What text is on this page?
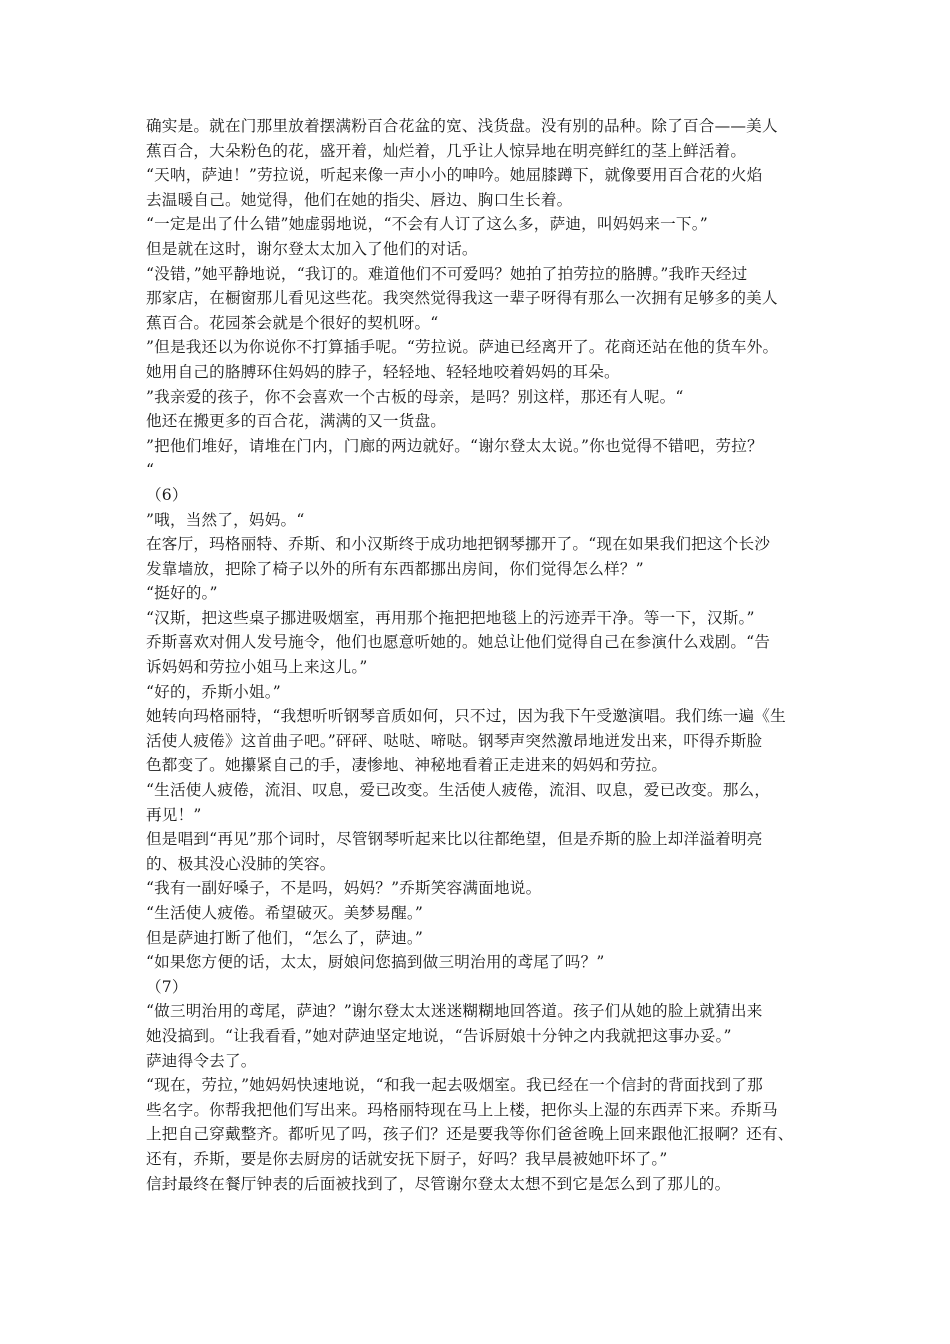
确实是。就在门那里放着摆满粉百合花盆的宽、浅货盘。没有别的品种。除了百合——美人
蕉百合，大朵粉色的花，盛开着，灿烂着，几乎让人惊异地在明亮鲜红的茎上鲜活着。
“天呐，萨迪！”劳拉说，听起来像一声小小的呻吟。她屈膝蹲下，就像要用百合花的火焰
去温暖自己。她觉得，他们在她的指尖、唇边、胸口生长着。
“一定是出了什么错”她虚弱地说，“不会有人订了这么多，萨迪，叫妈妈来一下。”
但是就在这时，谢尔登太太加入了他们的对话。
“没错，”她平静地说，“我订的。难道他们不可爱吗？她拍了拍劳拉的胳膊。”我昨天经过
那家店，在橱窗那儿看见这些花。我突然觉得我这一辈子呀得有那么一次拥有足够多的美人
蕉百合。花园茶会就是个很好的契机呀。“
”但是我还以为你说你不打算插手呢。“劳拉说。萨迪已经离开了。花商还站在他的货车外。
她用自己的胳膊环住妈妈的脖子，轻轻地、轻轻地咬着妈妈的耳朵。
”我亲爱的孩子，你不会喜欢一个古板的母亲，是吗？别这样，那还有人呢。“
他还在搬更多的百合花，满满的又一货盘。
”把他们堆好，请堆在门内，门廊的两边就好。“谢尔登太太说。”你也觉得不错吧，劳拉？
“
（6）
”哦，当然了，妈妈。“
在客厅，玛格丽特、乔斯、和小汉斯终于成功地把钢琴挪开了。“现在如果我们把这个长沙
发靠墙放，把除了椅子以外的所有东西都挪出房间，你们觉得怎么样？”
“挺好的。”
“汉斯，把这些桌子挪进吸烟室，再用那个拖把把地毯上的污迹弄干净。等一下，汉斯。”
乔斯喜欢对佣人发号施令，他们也愿意听她的。她总让他们觉得自己在参演什么戏剧。“告
诉妈妈和劳拉小姐马上来这儿。”
“好的，乔斯小姐。”
她转向玛格丽特，“我想听听钢琴音质如何，只不过，因为我下午受邀演唱。我们练一遍《生
活使人疲倦》这首曲子吧。”砰砰、哒哒、啼哒。钢琴声突然激昂地迸发出来，吓得乔斯脸
色都变了。她攥紧自己的手，凄惨地、神秘地看着正走进来的妈妈和劳拉。
“生活使人疲倦，流泪、叹息，爱已改变。生活使人疲倦，流泪、叹息，爱已改变。那么，
再见！”
但是唱到“再见”那个词时，尽管钢琴听起来比以往都绝望，但是乔斯的脸上却洋溢着明亮
的、极其没心没肺的笑容。
“我有一副好嗓子，不是吗，妈妈？”乔斯笑容满面地说。
“生活使人疲倦。希望破灭。美梦易醒。”
但是萨迪打断了他们，“怎么了，萨迪。”
“如果您方便的话，太太，厨娘问您搞到做三明治用的鸢尾了吗？”
（7）
“做三明治用的鸢尾，萨迪？”谢尔登太太迷迷糊糊地回答道。孩子们从她的脸上就猜出来
她没搞到。“让我看看，”她对萨迪坚定地说，“告诉厨娘十分钟之内我就把这事办妥。”
萨迪得令去了。
“现在，劳拉，”她妈妈快速地说，“和我一起去吸烟室。我已经在一个信封的背面找到了那
些名字。你帮我把他们写出来。玛格丽特现在马上上楼，把你头上湿的东西弄下来。乔斯马
上把自己穿戴整齐。都听见了吗，孩子们？还是要我等你们爸爸晚上回来跟他汇报啊？还有、
还有，乔斯，要是你去厨房的话就安抚下厨子，好吗？我早晨被她吓坏了。”
信封最终在餐厅钟表的后面被找到了，尽管谢尔登太太想不到它是怎么到了那儿的。
